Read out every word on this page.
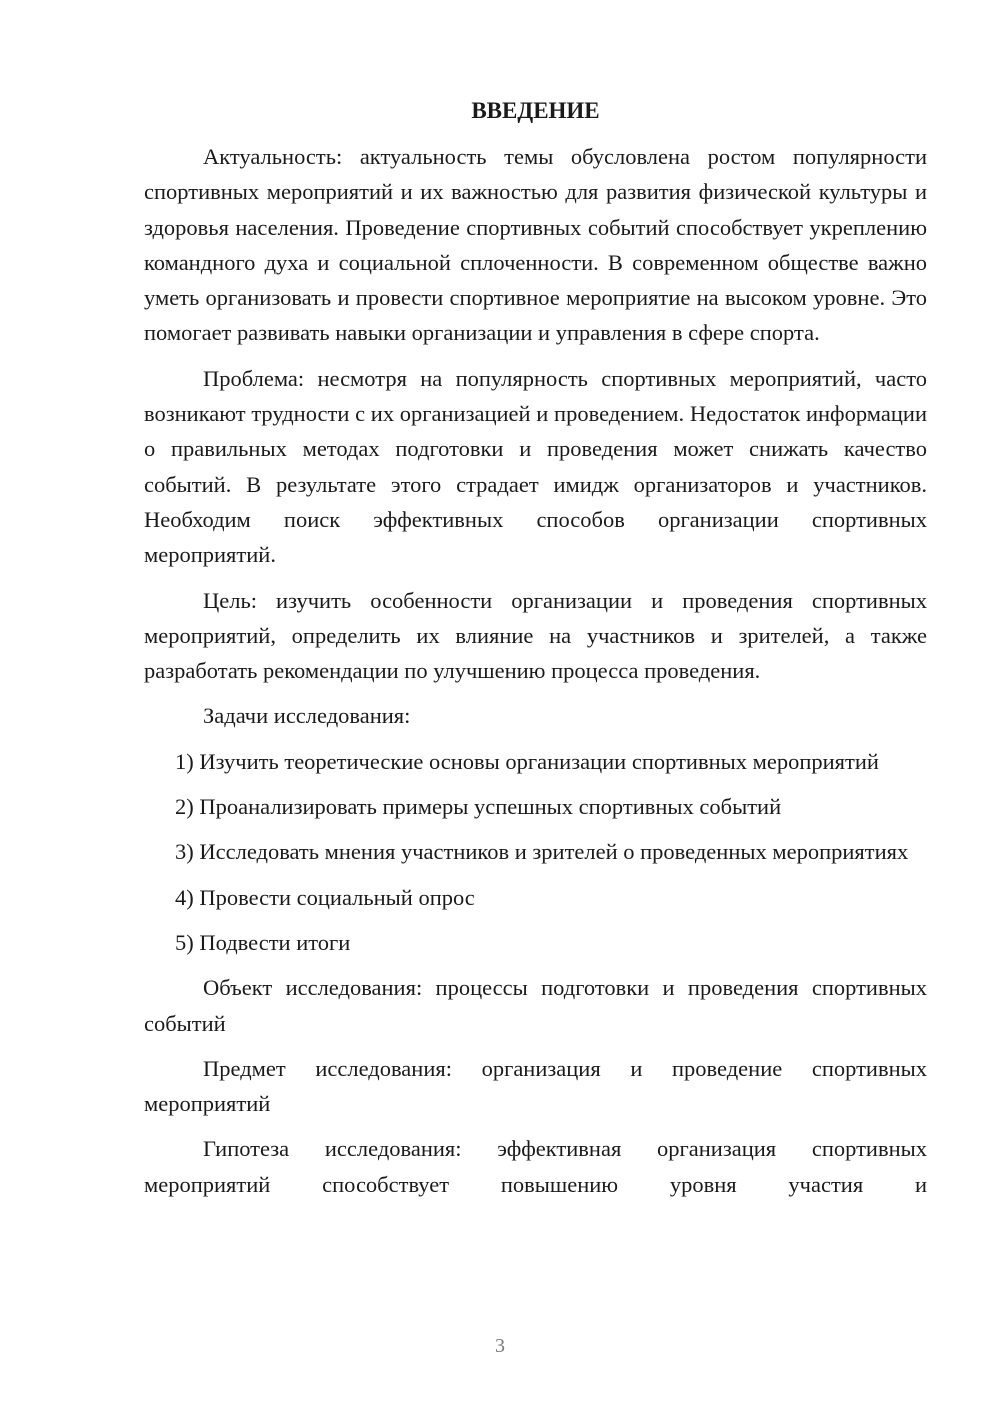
ВВЕДЕНИЕ

Актуальность: актуальность темы обусловлена ростом популярности спортивных мероприятий и их важностью для развития физической культуры и здоровья населения. Проведение спортивных событий способствует укреплению командного духа и социальной сплоченности. В современном обществе важно уметь организовать и провести спортивное мероприятие на высоком уровне. Это помогает развивать навыки организации и управления в сфере спорта.

Проблема: несмотря на популярность спортивных мероприятий, часто возникают трудности с их организацией и проведением. Недостаток информации о правильных методах подготовки и проведения может снижать качество событий. В результате этого страдает имидж организаторов и участников. Необходим поиск эффективных способов организации спортивных мероприятий.

Цель: изучить особенности организации и проведения спортивных мероприятий, определить их влияние на участников и зрителей, а также разработать рекомендации по улучшению процесса проведения.

Задачи исследования:

1) Изучить теоретические основы организации спортивных мероприятий

2) Проанализировать примеры успешных спортивных событий

3) Исследовать мнения участников и зрителей о проведенных мероприятиях

4) Провести социальный опрос

5) Подвести итоги

Объект исследования: процессы подготовки и проведения спортивных событий

Предмет исследования: организация и проведение спортивных мероприятий

Гипотеза исследования: эффективная организация спортивных мероприятий способствует повышению уровня участия и

3
